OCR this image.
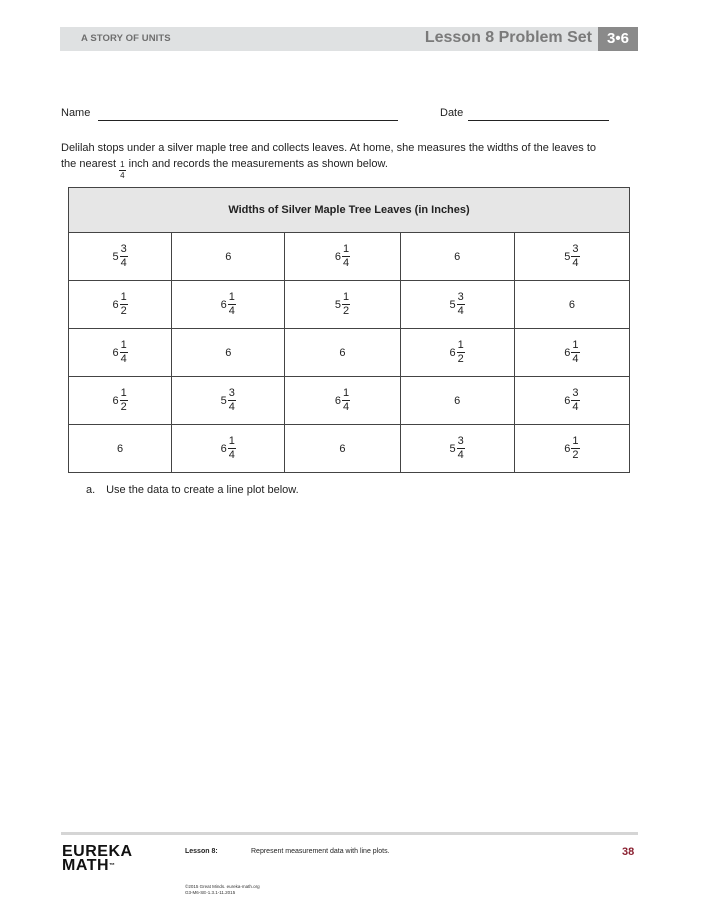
A STORY OF UNITS	Lesson 8 Problem Set	3•6
Name	Date
Delilah stops under a silver maple tree and collects leaves. At home, she measures the widths of the leaves to
the nearest $\frac{1}{4}$ inch and records the measurements as shown below.
Widths of Silver Maple Tree Leaves (in Inches)				

$5 \frac{3}{4}$	6	$6 \frac{1}{4}$	6	$5 \frac{3}{4}$

$6 \frac{1}{2}$	$6 \frac{1}{4}$	$5 \frac{1}{2}$	$5 \frac{3}{4}$	6

$6 \frac{1}{4}$	6	6	$6 \frac{1}{2}$	$6 \frac{1}{4}$

$6 \frac{1}{2}$	$5 \frac{3}{4}$	$6 \frac{1}{4}$	6	$6 \frac{3}{4}$

6	$6 \frac{1}{4}$	6	$5 \frac{3}{4}$	$6 \frac{1}{2}$
a. Use the data to create a line plot below.
EUREKA
MATH™
Lesson 8:	Represent measurement data with line plots.	38
©2015 Great Minds. eureka-math.org
G3-M6-SE-1.3.1-11.2015
